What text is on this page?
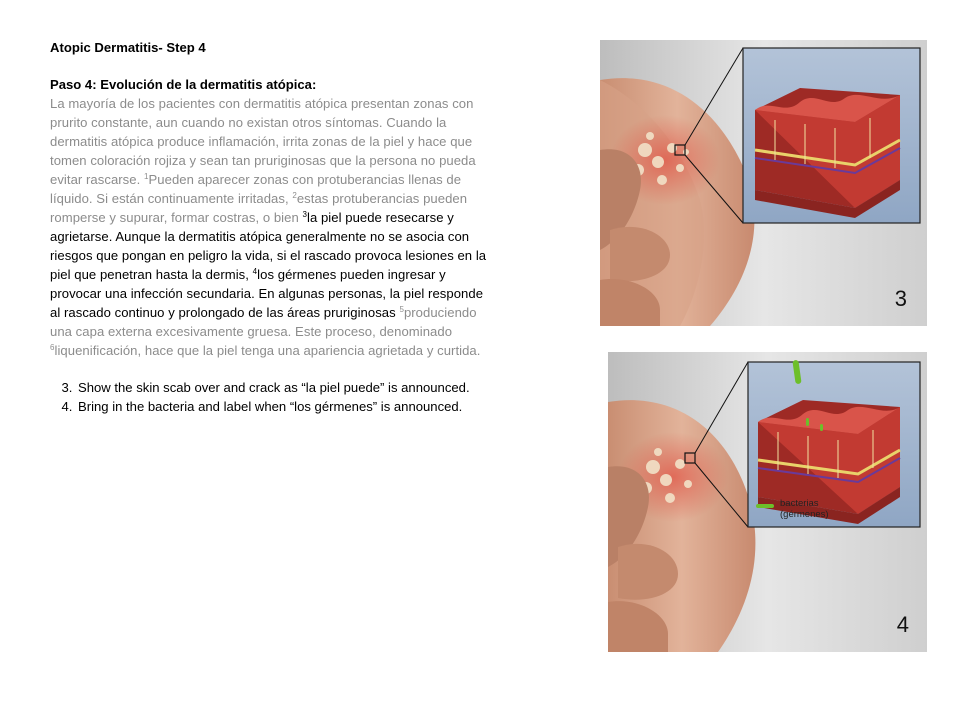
Atopic Dermatitis- Step 4

Paso 4: Evolución de la dermatitis atópica:

La mayoría de los pacientes con dermatitis atópica presentan zonas con prurito constante, aun cuando no existan otros síntomas. Cuando la dermatitis atópica produce inflamación, irrita zonas de la piel y hace que tomen coloración rojiza y sean tan pruriginosas que la persona no pueda evitar rascarse. $^1$Pueden aparecer zonas con protuberancias llenas de líquido. Si están continuamente irritadas, $^2$estas protuberancias pueden romperse y supurar, formar costras, o bien $^3$la piel puede resecarse y agrietarse. Aunque la dermatitis atópica generalmente no se asocia con riesgos que pongan en peligro la vida, si el rascado provoca lesiones en la piel que penetran hasta la dermis, $^4$los gérmenes pueden ingresar y provocar una infección secundaria. En algunas personas, la piel responde al rascado continuo y prolongado de las áreas pruriginosas $^5$produciendo una capa externa excesivamente gruesa. Este proceso, denominado $^6$liquenificación, hace que la piel tenga una apariencia agrietada y curtida.

3. Show the skin scab over and crack as “la piel puede” is announced.
4. Bring in the bacteria and label when “los gérmenes” is announced.
3
bacterias
(gérmenes)
4
